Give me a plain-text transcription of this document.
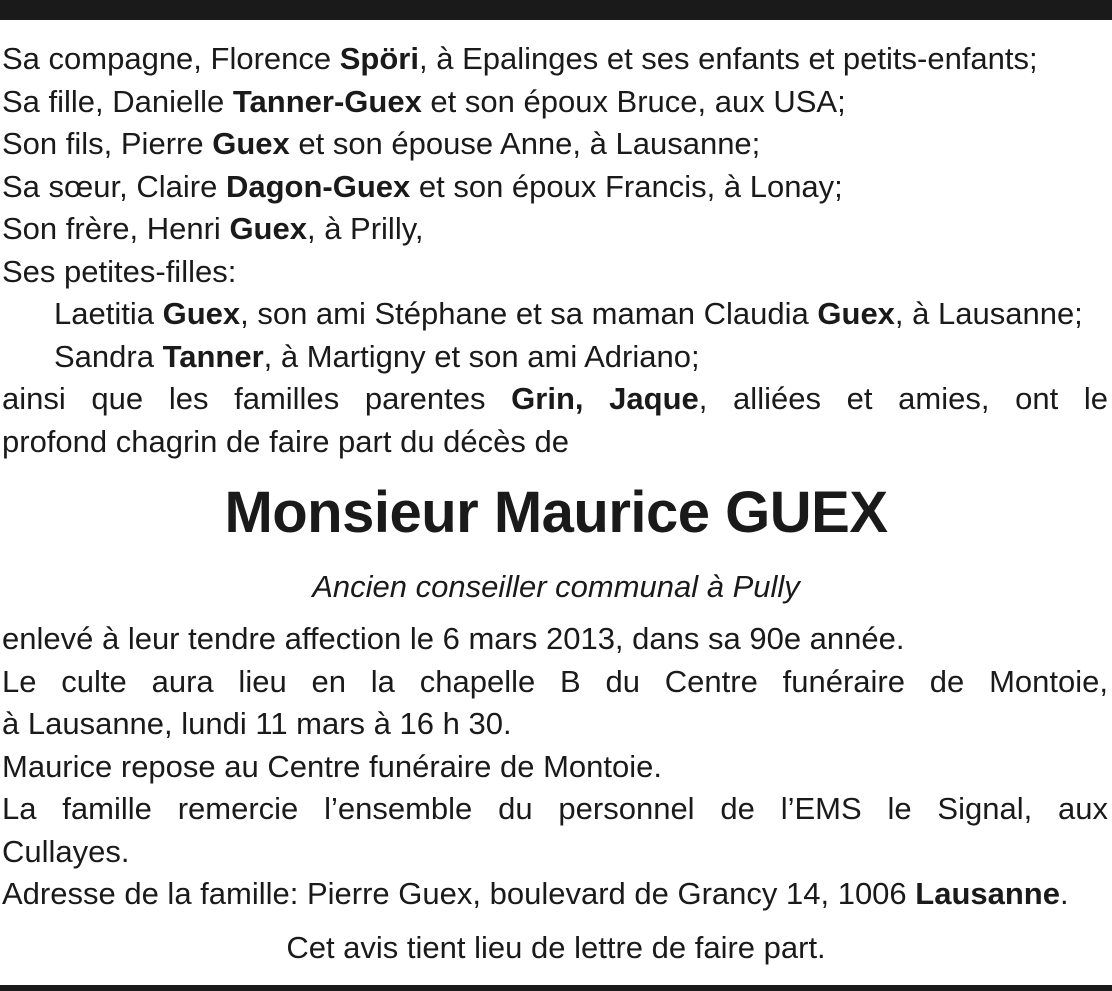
Sa compagne, Florence Spöri, à Epalinges et ses enfants et petits-enfants;
Sa fille, Danielle Tanner-Guex et son époux Bruce, aux USA;
Son fils, Pierre Guex et son épouse Anne, à Lausanne;
Sa sœur, Claire Dagon-Guex et son époux Francis, à Lonay;
Son frère, Henri Guex, à Prilly,
Ses petites-filles:
Laetitia Guex, son ami Stéphane et sa maman Claudia Guex, à Lausanne;
Sandra Tanner, à Martigny et son ami Adriano;
ainsi que les familles parentes Grin, Jaque, alliées et amies, ont le
profond chagrin de faire part du décès de
Monsieur Maurice GUEX
Ancien conseiller communal à Pully
enlevé à leur tendre affection le 6 mars 2013, dans sa 90e année.
Le culte aura lieu en la chapelle B du Centre funéraire de Montoie,
à Lausanne, lundi 11 mars à 16 h 30.
Maurice repose au Centre funéraire de Montoie.
La famille remercie l’ensemble du personnel de l’EMS le Signal, aux
Cullayes.
Adresse de la famille: Pierre Guex, boulevard de Grancy 14, 1006 Lausanne.
Cet avis tient lieu de lettre de faire part.
